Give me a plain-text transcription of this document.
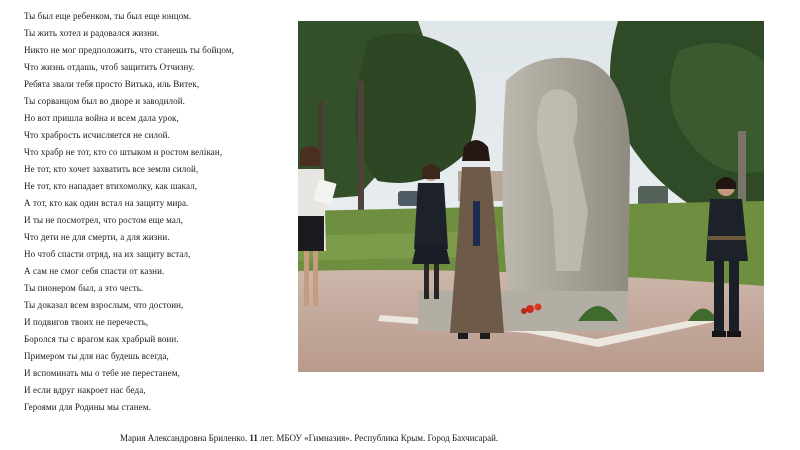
Ты был еще ребенком, ты был еще юнцом.
Ты жить хотел и радовался жизни.
Никто не мог предположить, что станешь ты бойцом,
Что жизнь отдашь, чтоб защитить Отчизну.
Ребята звали тебя просто Витька, иль Витек,
Ты сорванцом был во дворе и заводилой.
Но вот пришла война и всем дала урок,
Что храбрость исчисляется не силой.
Что храбр не тот, кто со штыком и ростом велікан,
Не тот, кто хочет захватить все земли силой,
Не тот, кто нападает втихомолку, как шакал,
А тот, кто как один встал на защиту мира.
И ты не посмотрел, что ростом еще мал,
Что дети не для смерти, а для жизни.
Но чтоб спасти отряд, на их защиту встал,
А сам не смог себя спасти от казни.
Ты пионером был, а это честь.
Ты доказал всем взрослым, что достоин,
И подвигов твоих не перечесть,
Боролся ты с врагом как храбрый воин.
Примером ты для нас будешь всегда,
И вспоминать мы о тебе не перестанем,
И если вдруг накроет нас беда,
Героями для Родины мы станем.
Мария Александровна Бриленко. 11 лет. МБОУ «Гимназия». Республика Крым. Город Бахчисарай.
